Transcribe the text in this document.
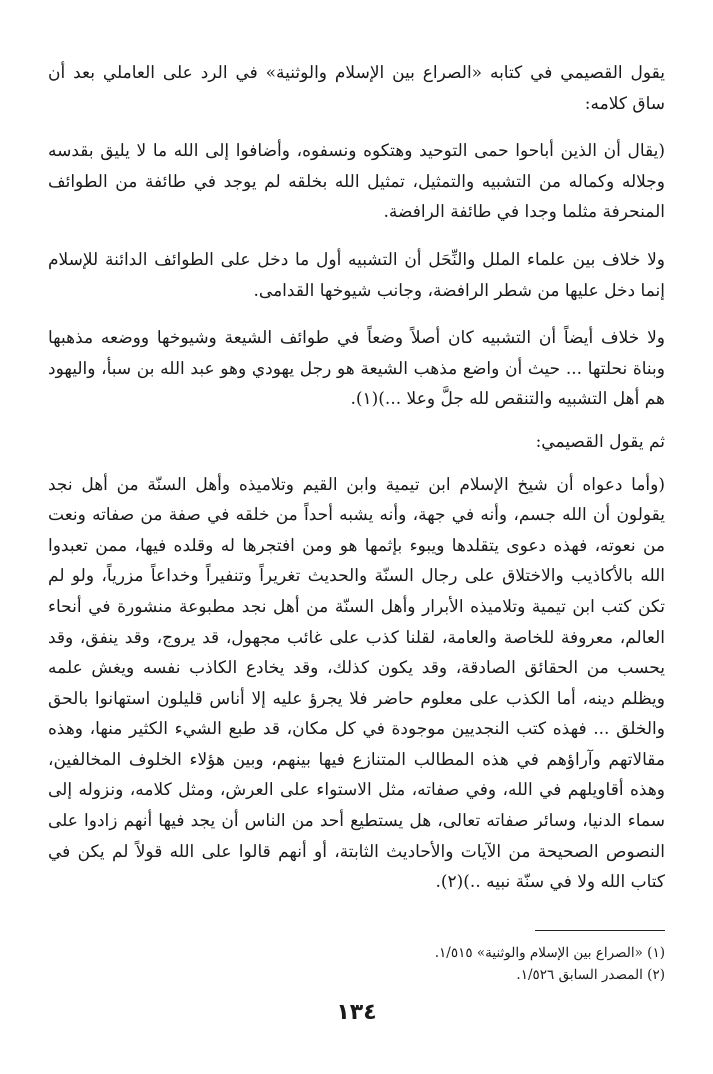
يقول القصيمي في كتابه «الصراع بين الإسلام والوثنية» في الرد على العاملي بعد أن ساق كلامه:

(يقال أن الذين أباحوا حمى التوحيد وهتكوه ونسفوه، وأضافوا إلى الله ما لا يليق بقدسه وجلاله وكماله من التشبيه والتمثيل، تمثيل الله بخلقه لم يوجد في طائفة من الطوائف المنحرفة مثلما وجدا في طائفة الرافضة.

ولا خلاف بين علماء الملل والنِّحَل أن التشبيه أول ما دخل على الطوائف الدائنة للإسلام إنما دخل عليها من شطر الرافضة، وجانب شيوخها القدامى.

ولا خلاف أيضاً أن التشبيه كان أصلاً وضعاً في طوائف الشيعة وشيوخها ووضعه مذهبها وبناة نحلتها ... حيث أن واضع مذهب الشيعة هو رجل يهودي وهو عبد الله بن سبأ، واليهود هم أهل التشبيه والتنقص لله جلَّ وعلا ...)(١).

ثم يقول القصيمي:

(وأما دعواه أن شيخ الإسلام ابن تيمية وابن القيم وتلاميذه وأهل السنّة من أهل نجد يقولون أن الله جسم، وأنه في جهة، وأنه يشبه أحداً من خلقه في صفة من صفاته ونعت من نعوته، فهذه دعوى يتقلدها ويبوء بإثمها هو ومن افتجرها له وقلده فيها، ممن تعبدوا الله بالأكاذيب والاختلاق على رجال السنّة والحديث تغريراً وتنفيراً وخداعاً مزرياً، ولو لم تكن كتب ابن تيمية وتلاميذه الأبرار وأهل السنّة من أهل نجد مطبوعة منشورة في أنحاء العالم، معروفة للخاصة والعامة، لقلنا كذب على غائب مجهول، قد يروج، وقد ينفق، وقد يحسب من الحقائق الصادقة، وقد يكون كذلك، وقد يخادع الكاذب نفسه ويغش علمه ويظلم دينه، أما الكذب على معلوم حاضر فلا يجرؤ عليه إلا أناس قليلون استهانوا بالحق والخلق ... فهذه كتب النجديين موجودة في كل مكان، قد طبع الشيء الكثير منها، وهذه مقالاتهم وآراؤهم في هذه المطالب المتنازع فيها بينهم، وبين هؤلاء الخلوف المخالفين، وهذه أقاويلهم في الله، وفي صفاته، مثل الاستواء على العرش، ومثل كلامه، ونزوله إلى سماء الدنيا، وسائر صفاته تعالى، هل يستطيع أحد من الناس أن يجد فيها أنهم زادوا على النصوص الصحيحة من الآيات والأحاديث الثابتة، أو أنهم قالوا على الله قولاً لم يكن في كتاب الله ولا في سنّة نبيه ..)(٢).

(١) «الصراع بين الإسلام والوثنية» ١/٥١٥.

(٢) المصدر السابق ١/٥٢٦.

١٣٤
